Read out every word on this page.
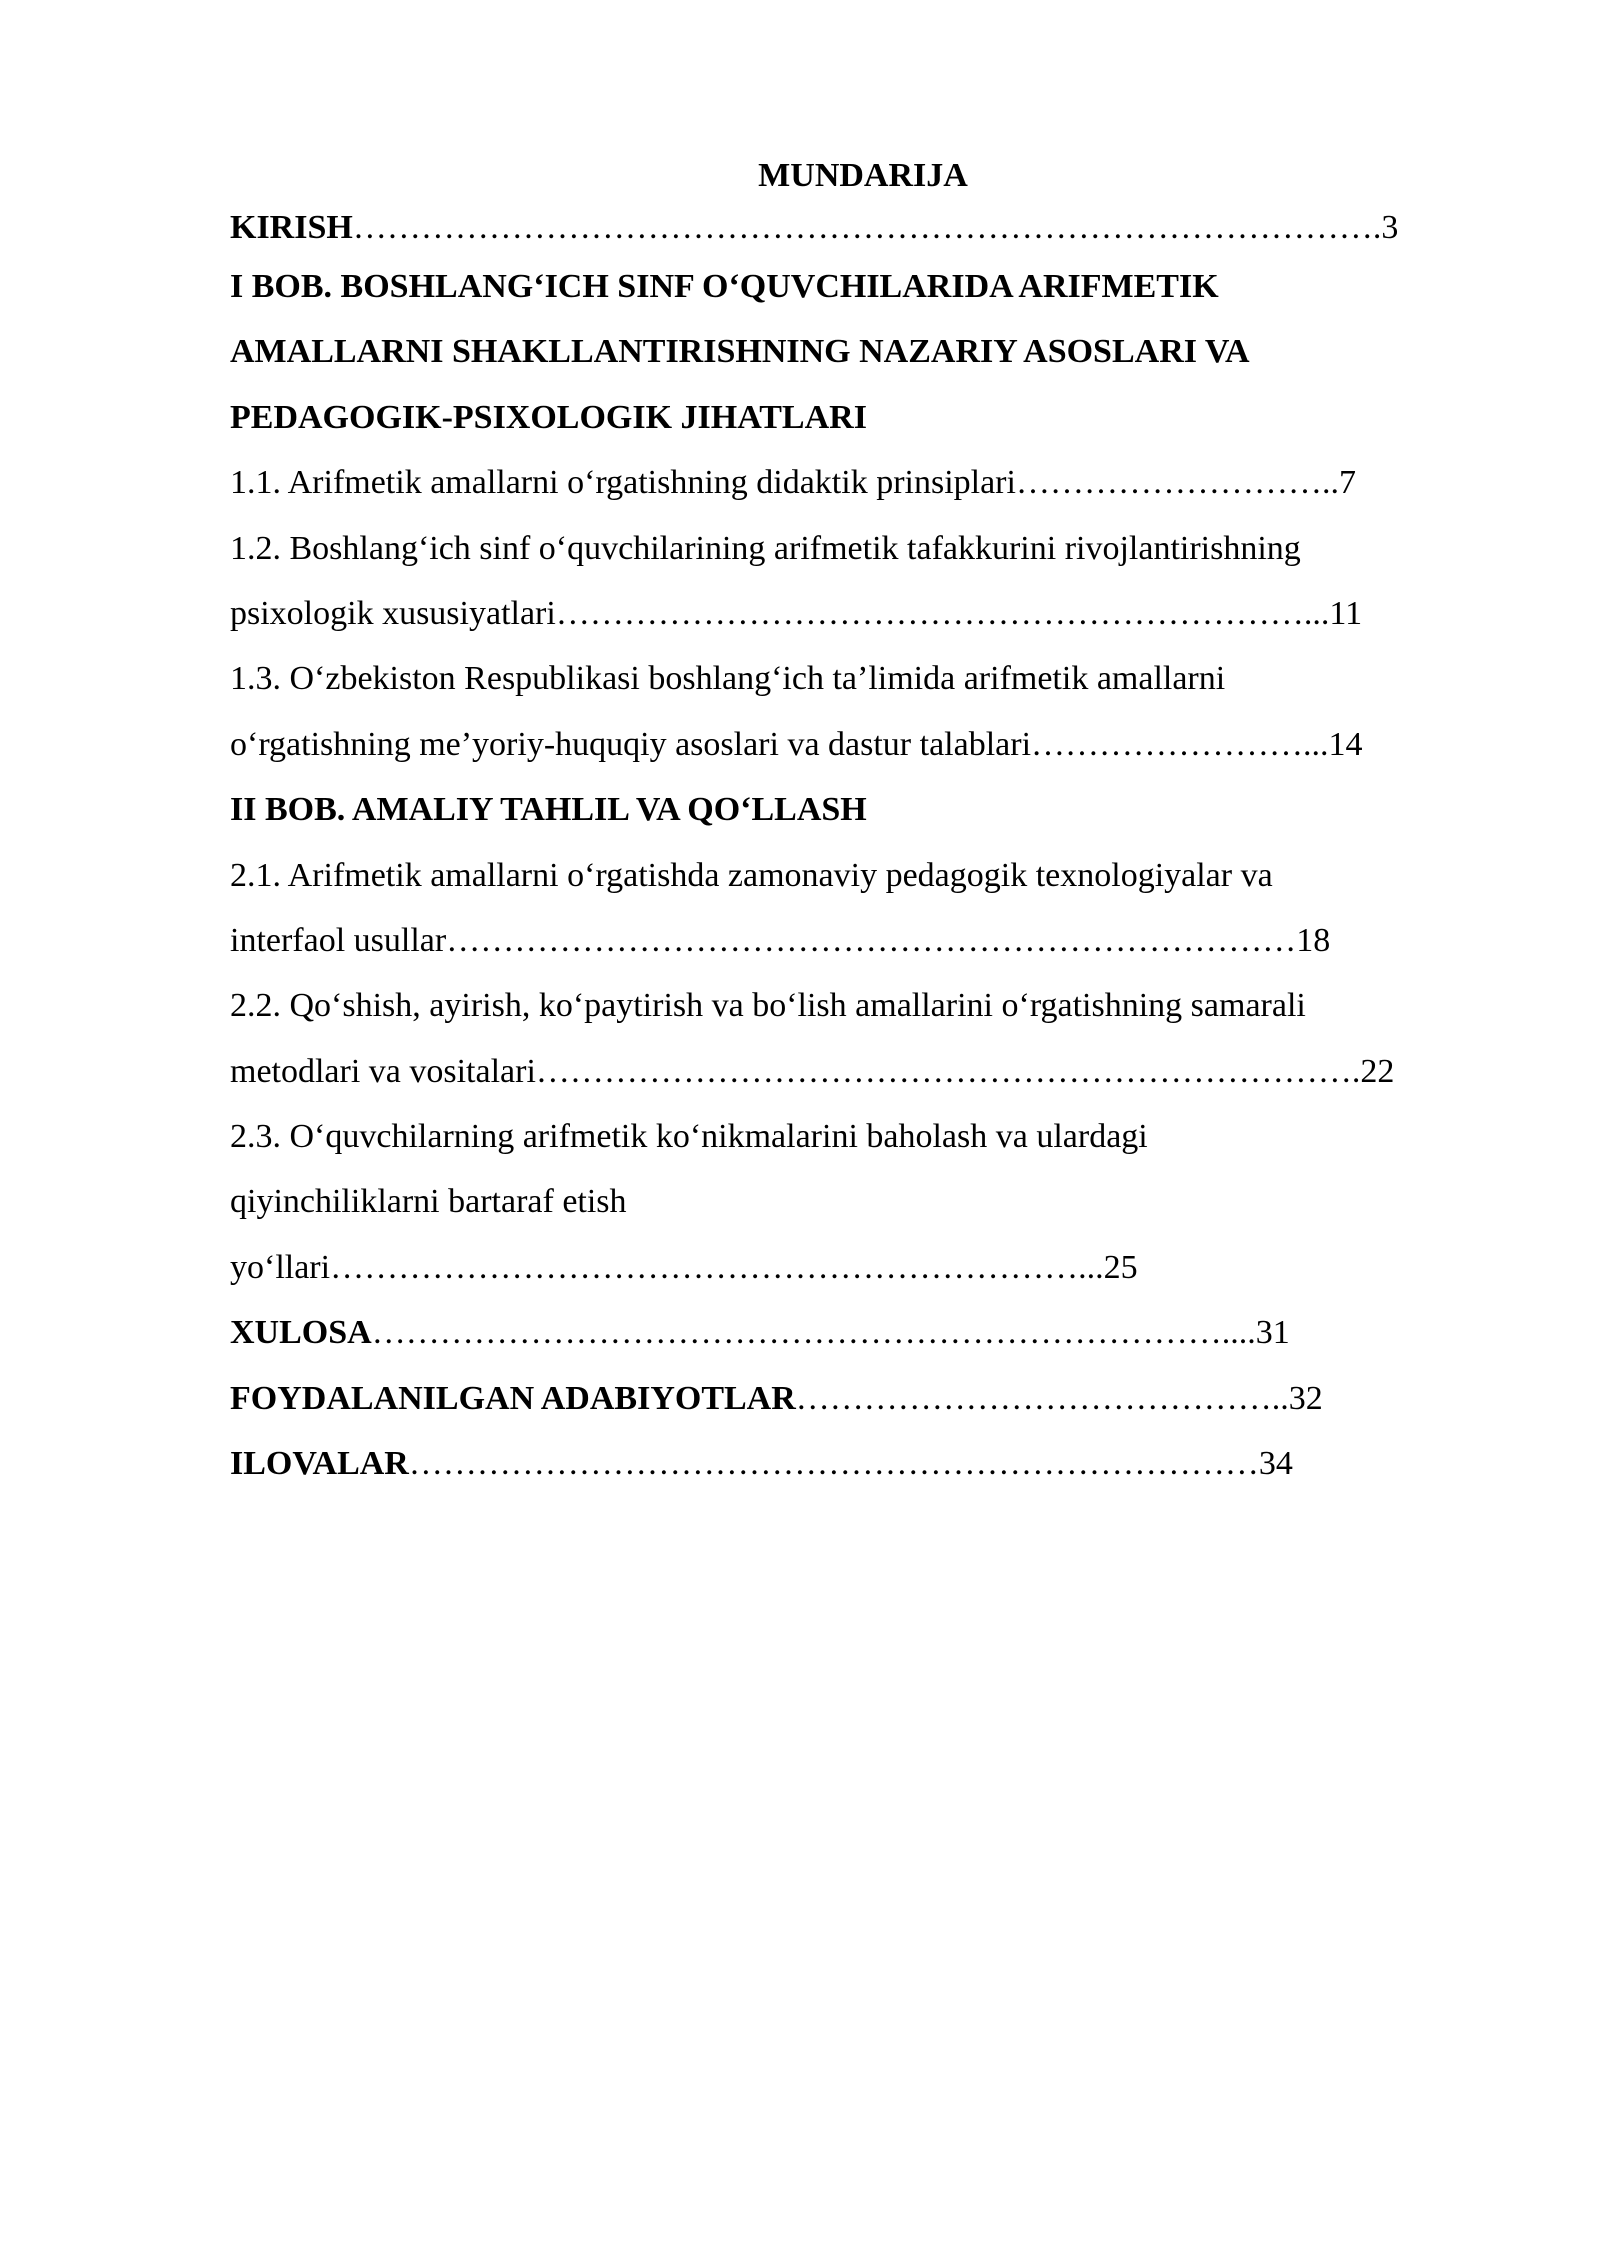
MUNDARIJA
KIRISH……………………………………………………………………………….3
I BOB. BOSHLANG‘ICH SINF O‘QUVCHILARIDA ARIFMETIK
AMALLARNI SHAKLLANTIRISHNING NAZARIY ASOSLARI VA
PEDAGOGIK-PSIXOLOGIK JIHATLARI
1.1. Arifmetik amallarni o‘rgatishning didaktik prinsiplari………………………..7
1.2. Boshlang‘ich sinf o‘quvchilarining arifmetik tafakkurini rivojlantirishning
psixologik xususiyatlari…………………………………………………………...11
1.3. O‘zbekiston Respublikasi boshlang‘ich ta’limida arifmetik amallarni
o‘rgatishning me’yoriy-huquqiy asoslari va dastur talablari……………………...14
II BOB. AMALIY TAHLIL VA QO‘LLASH
2.1. Arifmetik amallarni o‘rgatishda zamonaviy pedagogik texnologiyalar va
interfaol usullar…………………………………………………………………18
2.2. Qo‘shish, ayirish, ko‘paytirish va bo‘lish amallarini o‘rgatishning samarali
metodlari va vositalari……………………………………………………………….22
2.3. O‘quvchilarning arifmetik ko‘nikmalarini baholash va ulardagi
qiyinchiliklarni bartaraf etish
yo‘llari…………………………………………………………...25
XULOSA…………………………………………………………………....31
FOYDALANILGAN ADABIYOTLAR……………………………………..32
ILOVALAR…………………………………………………………………34
